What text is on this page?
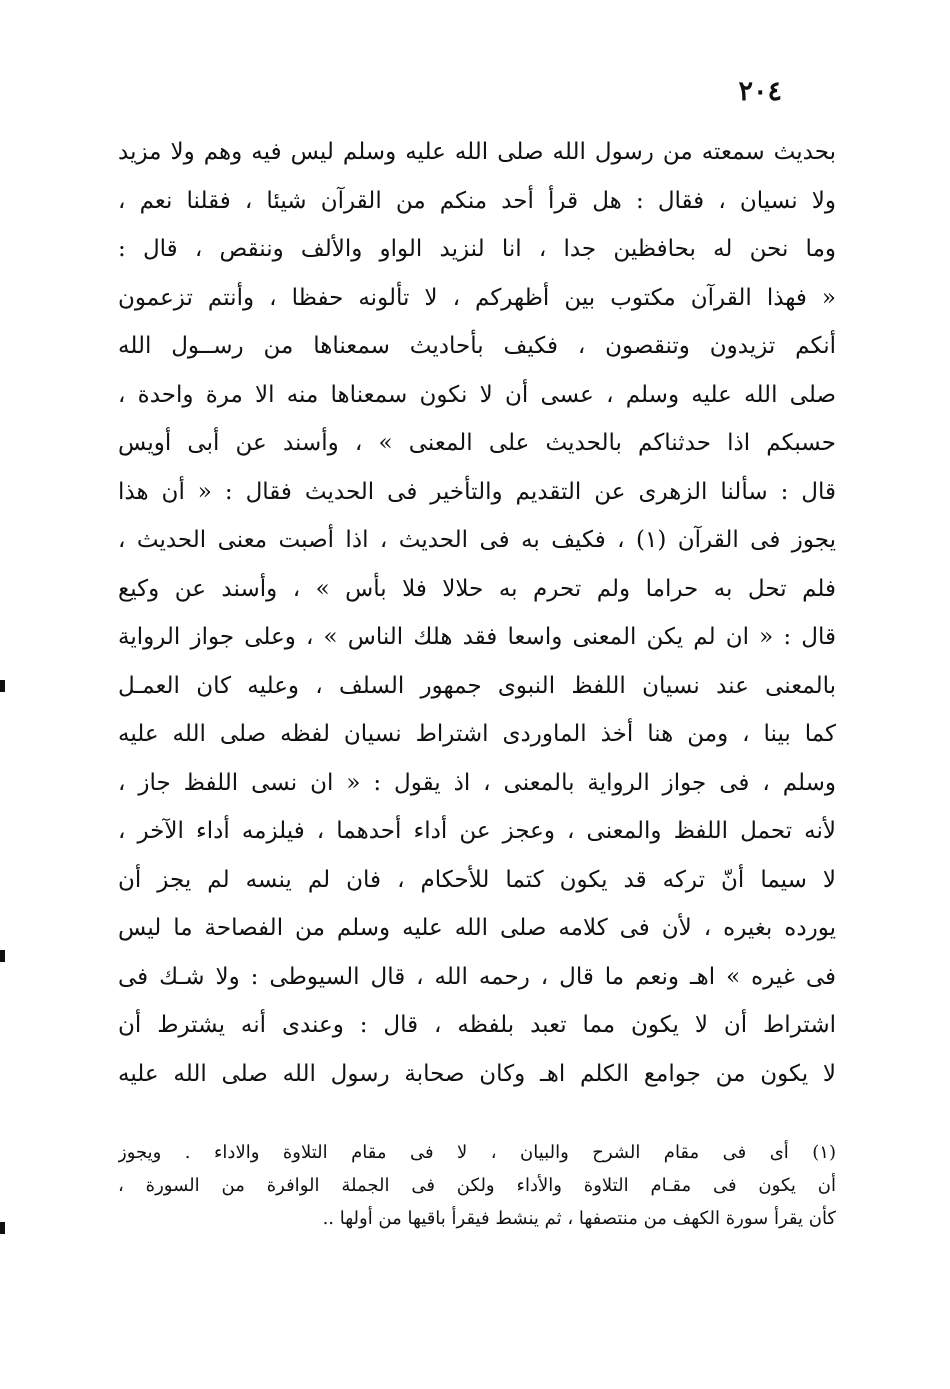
٢٠٤
بحديث سمعته من رسول الله صلى الله عليه وسلم ليس فيه وهم ولا مزيد
ولا نسيان ، فقال : هل قرأ أحد منكم من القرآن شيئا ، فقلنا نعم ،
وما نحن له بحافظين جدا ، انا لنزيد الواو والألف وننقص ، قال :
« فهذا القرآن مكتوب بين أظهركم ، لا تألونه حفظا ، وأنتم تزعمون
أنكم تزيدون وتنقصون ، فكيف بأحاديث سمعناها من رســول الله
صلى الله عليه وسلم ، عسى أن لا نكون سمعناها منه الا مرة واحدة ،
حسبكم اذا حدثناكم بالحديث على المعنى » ، وأسند عن أبى أويس
قال : سألنا الزهرى عن التقديم والتأخير فى الحديث فقال : « أن هذا
يجوز فى القرآن (١) ، فكيف به فى الحديث ، اذا أصبت معنى الحديث ،
فلم تحل به حراما ولم تحرم به حلالا فلا بأس » ، وأسند عن وكيع
قال : « ان لم يكن المعنى واسعا فقد هلك الناس » ، وعلى جواز الرواية
بالمعنى عند نسيان اللفظ النبوى جمهور السلف ، وعليه كان العمـل
كما بينا ، ومن هنا أخذ الماوردى اشتراط نسيان لفظه صلى الله عليه
وسلم ، فى جواز الرواية بالمعنى ، اذ يقول : « ان نسى اللفظ جاز ،
لأنه تحمل اللفظ والمعنى ، وعجز عن أداء أحدهما ، فيلزمه أداء الآخر ،
لا سيما أنّ تركه قد يكون كتما للأحكام ، فان لم ينسه لم يجز أن
يورده بغيره ، لأن فى كلامه صلى الله عليه وسلم من الفصاحة ما ليس
فى غيره » اهـ ونعم ما قال ، رحمه الله ، قال السيوطى : ولا شـك فى
اشتراط أن لا يكون مما تعبد بلفظه ، قال : وعندى أنه يشترط أن
لا يكون من جوامع الكلم اهـ وكان صحابة رسول الله صلى الله عليه
(١) أى فى مقام الشرح والبيان ، لا فى مقام التلاوة والاداء . ويجوز
أن يكون فى مقـام التلاوة والأداء ولكن فى الجملة الوافرة من السورة ،
كأن يقرأ سورة الكهف من منتصفها ، ثم ينشط فيقرأ باقيها من أولها ..
